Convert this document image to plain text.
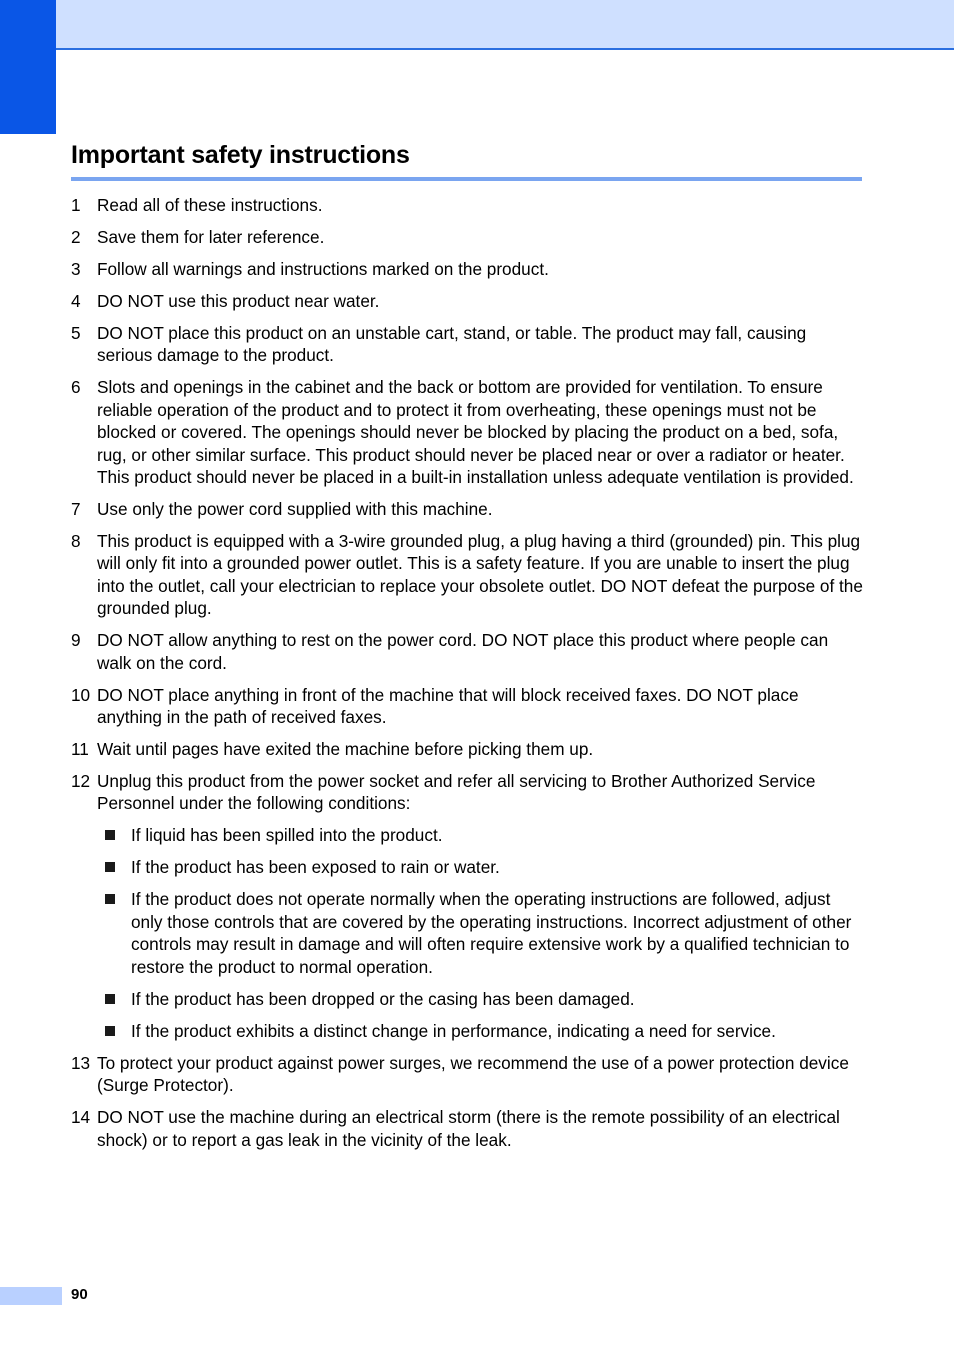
Important safety instructions
1 Read all of these instructions.
2 Save them for later reference.
3 Follow all warnings and instructions marked on the product.
4 DO NOT use this product near water.
5 DO NOT place this product on an unstable cart, stand, or table. The product may fall, causing serious damage to the product.
6 Slots and openings in the cabinet and the back or bottom are provided for ventilation. To ensure reliable operation of the product and to protect it from overheating, these openings must not be blocked or covered. The openings should never be blocked by placing the product on a bed, sofa, rug, or other similar surface. This product should never be placed near or over a radiator or heater. This product should never be placed in a built-in installation unless adequate ventilation is provided.
7 Use only the power cord supplied with this machine.
8 This product is equipped with a 3-wire grounded plug, a plug having a third (grounded) pin. This plug will only fit into a grounded power outlet. This is a safety feature. If you are unable to insert the plug into the outlet, call your electrician to replace your obsolete outlet. DO NOT defeat the purpose of the grounded plug.
9 DO NOT allow anything to rest on the power cord. DO NOT place this product where people can walk on the cord.
10 DO NOT place anything in front of the machine that will block received faxes. DO NOT place anything in the path of received faxes.
11 Wait until pages have exited the machine before picking them up.
12 Unplug this product from the power socket and refer all servicing to Brother Authorized Service Personnel under the following conditions:
If liquid has been spilled into the product.
If the product has been exposed to rain or water.
If the product does not operate normally when the operating instructions are followed, adjust only those controls that are covered by the operating instructions. Incorrect adjustment of other controls may result in damage and will often require extensive work by a qualified technician to restore the product to normal operation.
If the product has been dropped or the casing has been damaged.
If the product exhibits a distinct change in performance, indicating a need for service.
13 To protect your product against power surges, we recommend the use of a power protection device (Surge Protector).
14 DO NOT use the machine during an electrical storm (there is the remote possibility of an electrical shock) or to report a gas leak in the vicinity of the leak.
90
